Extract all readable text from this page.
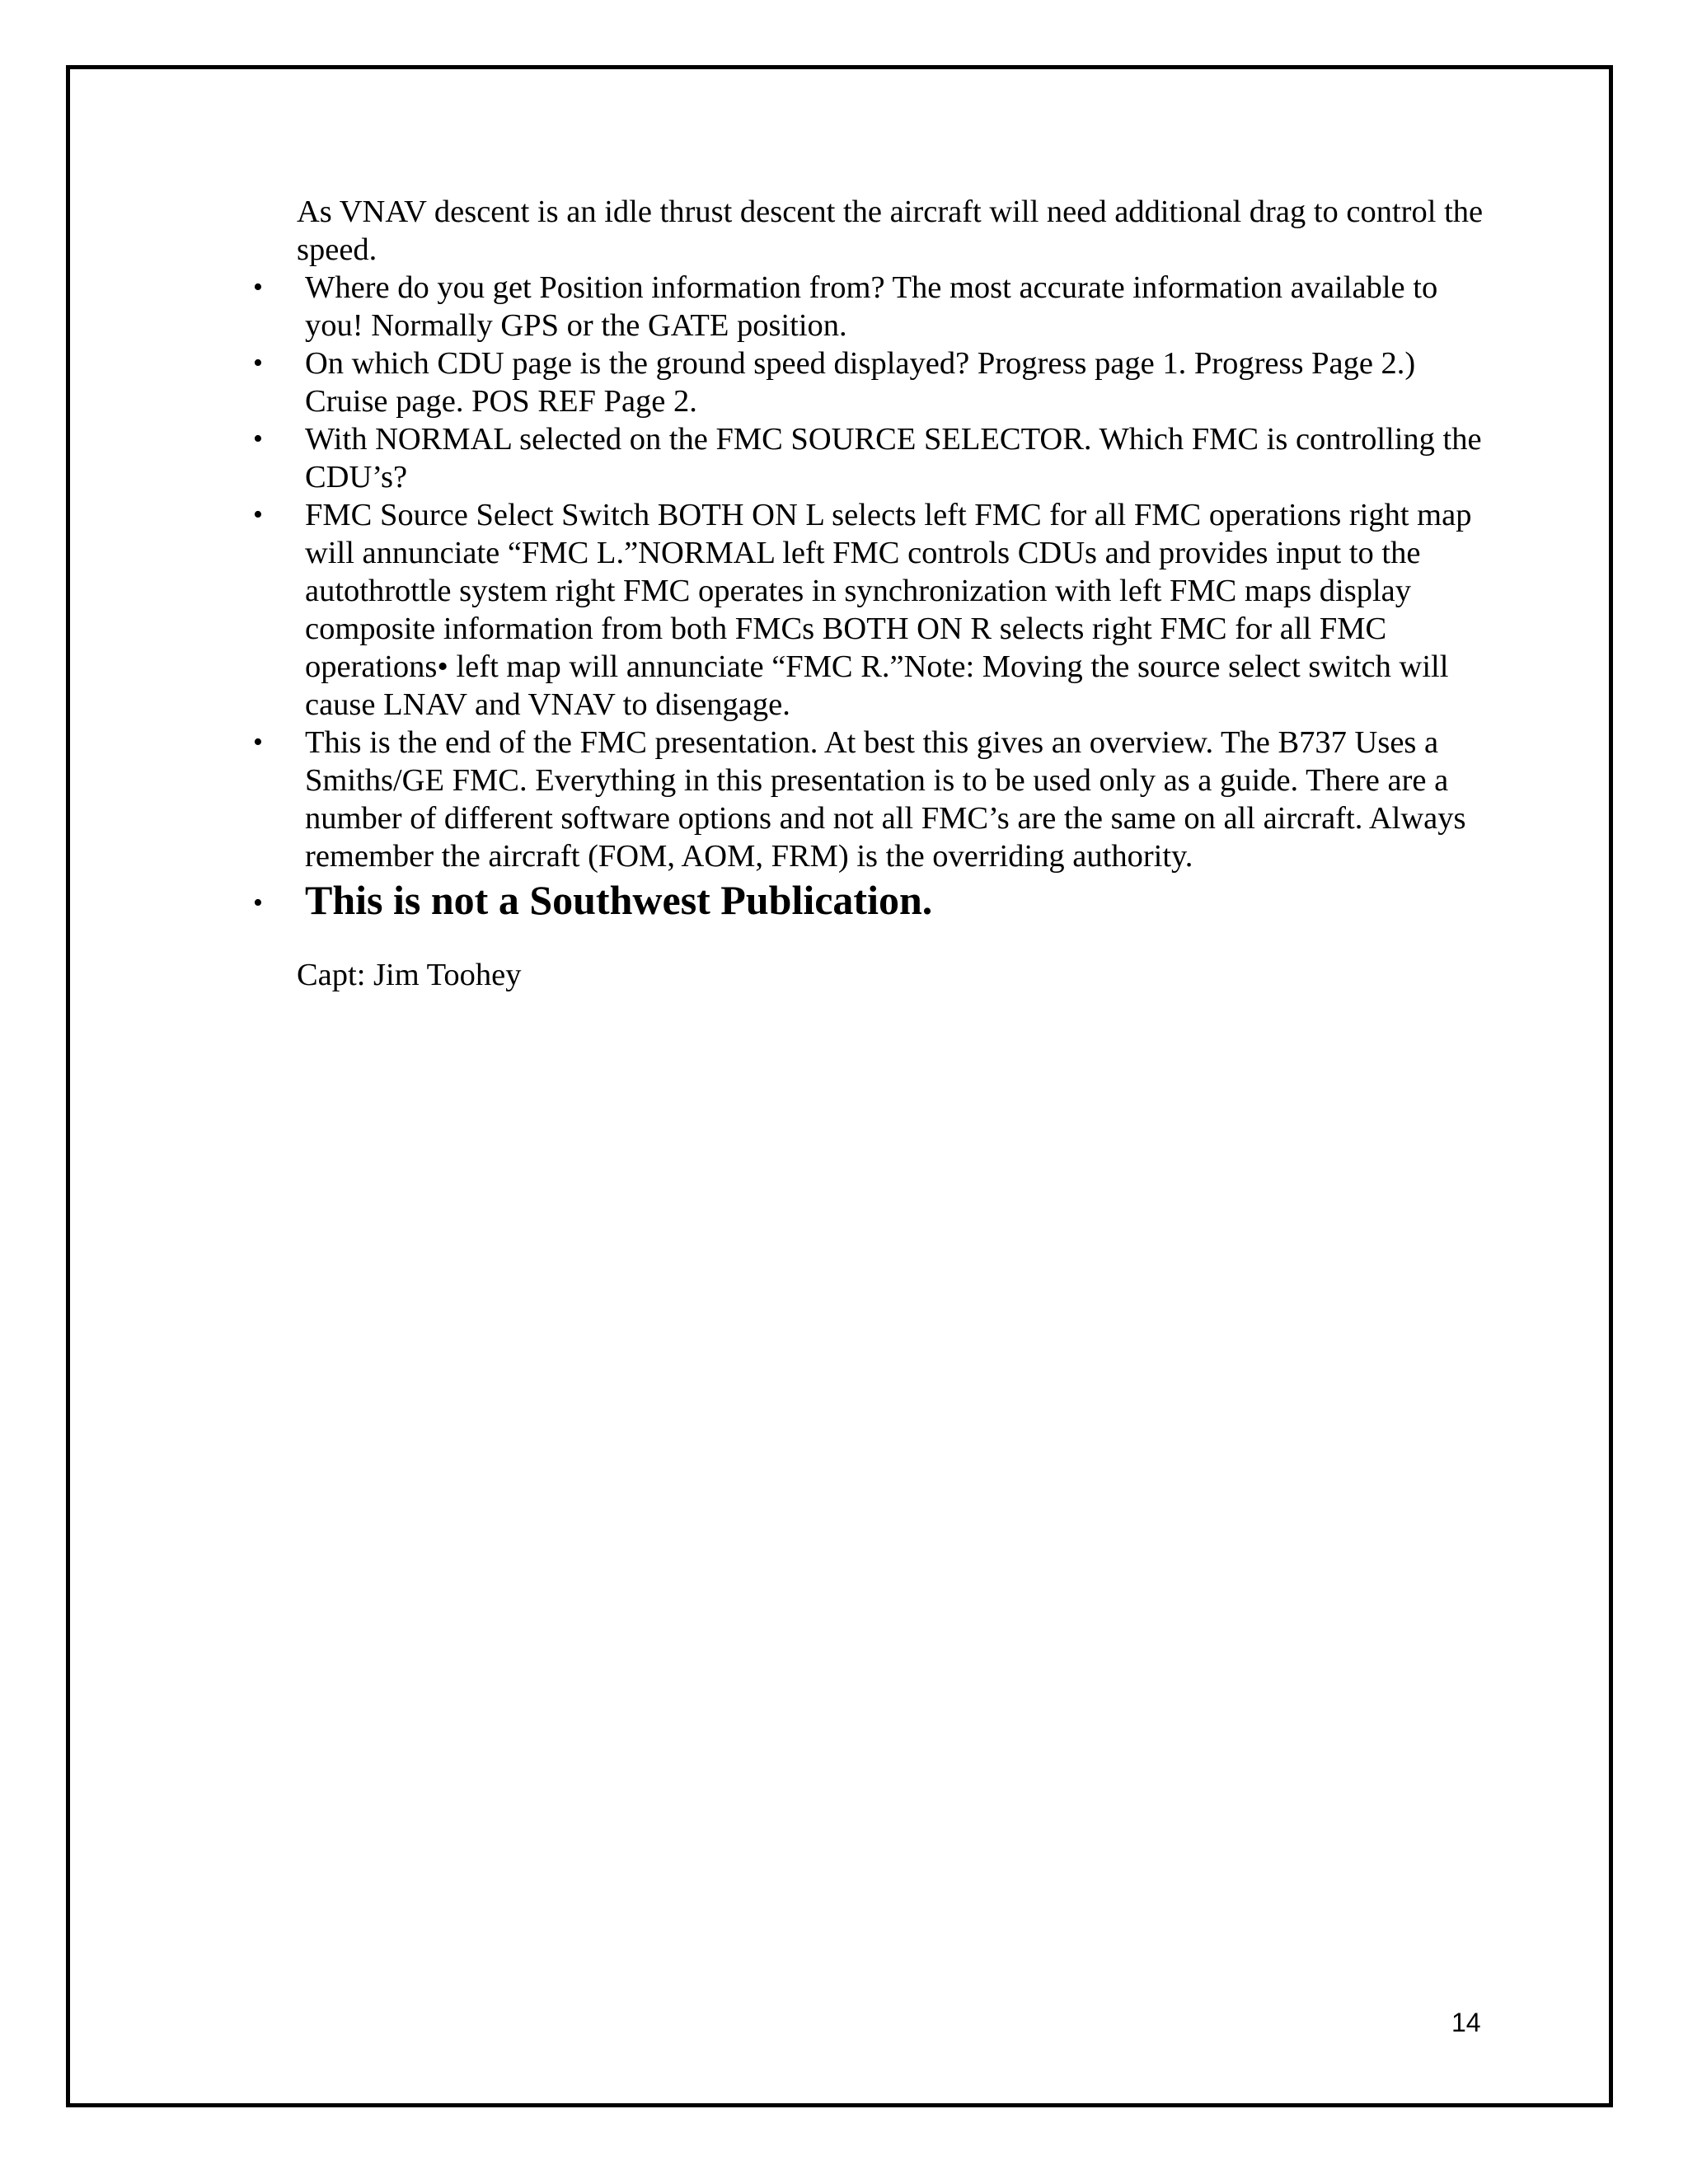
As VNAV descent is an idle thrust descent the aircraft will need additional drag to control the speed.

• Where do you get Position information from? The most accurate information available to you! Normally GPS or the GATE position.
• On which CDU page is the ground speed displayed? Progress page 1. Progress Page 2.) Cruise page. POS REF Page 2.
• With NORMAL selected on the FMC SOURCE SELECTOR. Which FMC is controlling the CDU’s?
• FMC Source Select Switch BOTH ON L selects left FMC for all FMC operations right map will annunciate “FMC L.”NORMAL left FMC controls CDUs and provides input to the autothrottle system right FMC operates in synchronization with left FMC maps display composite information from both FMCs BOTH ON R selects right FMC for all FMC operations• left map will annunciate “FMC R.”Note: Moving the source select switch will cause LNAV and VNAV to disengage.
• This is the end of the FMC presentation. At best this gives an overview. The B737 Uses a Smiths/GE FMC. Everything in this presentation is to be used only as a guide. There are a number of different software options and not all FMC’s are the same on all aircraft. Always remember the aircraft (FOM, AOM, FRM) is the overriding authority.
• This is not a Southwest Publication.

Capt: Jim Toohey

14
